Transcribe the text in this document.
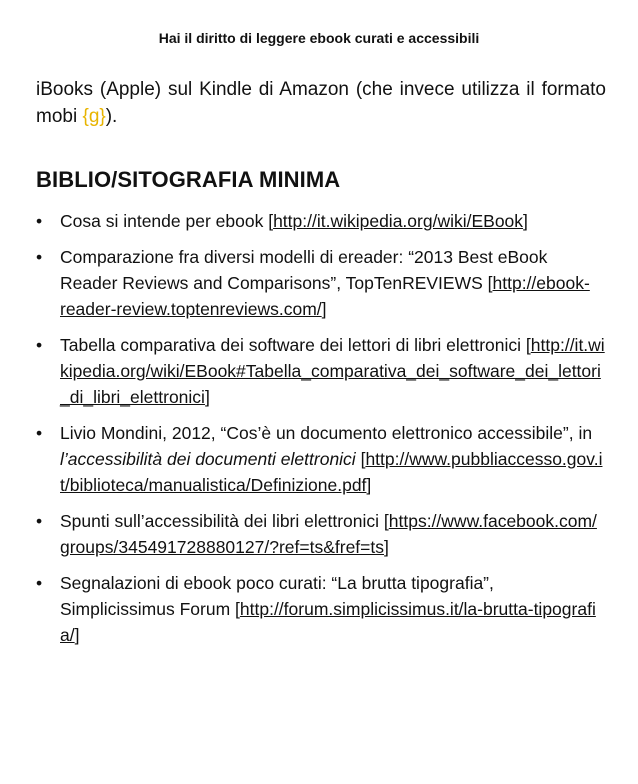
Hai il diritto di leggere ebook curati e accessibili

iBooks (Apple) sul Kindle di Amazon (che invece utilizza il formato mobi {g}).

BIBLIO/SITOGRAFIA MINIMA
• Cosa si intende per ebook [http://it.wikipedia.org/wiki/EBook]
• Comparazione fra diversi modelli di ereader: “2013 Best eBook Reader Reviews and Comparisons”, TopTenREVIEWS [http://ebook-reader-review.toptenreviews.com/]
• Tabella comparativa dei software dei lettori di libri elettronici [http://it.wikipedia.org/wiki/EBook#Tabella_comparativa_dei_software_dei_lettori_di_libri_elettronici]
• Livio Mondini, 2012, “Cos’è un documento elettronico accessibile”, in l’accessibilità dei documenti elettronici [http://www.pubbliaccesso.gov.it/biblioteca/manualistica/Definizione.pdf]
• Spunti sull’accessibilità dei libri elettronici [https://www.facebook.com/groups/345491728880127/?ref=ts&fref=ts]
• Segnalazioni di ebook poco curati: “La brutta tipografia”, Simplicissimus Forum [http://forum.simplicissimus.it/la-brutta-tipografia/]
